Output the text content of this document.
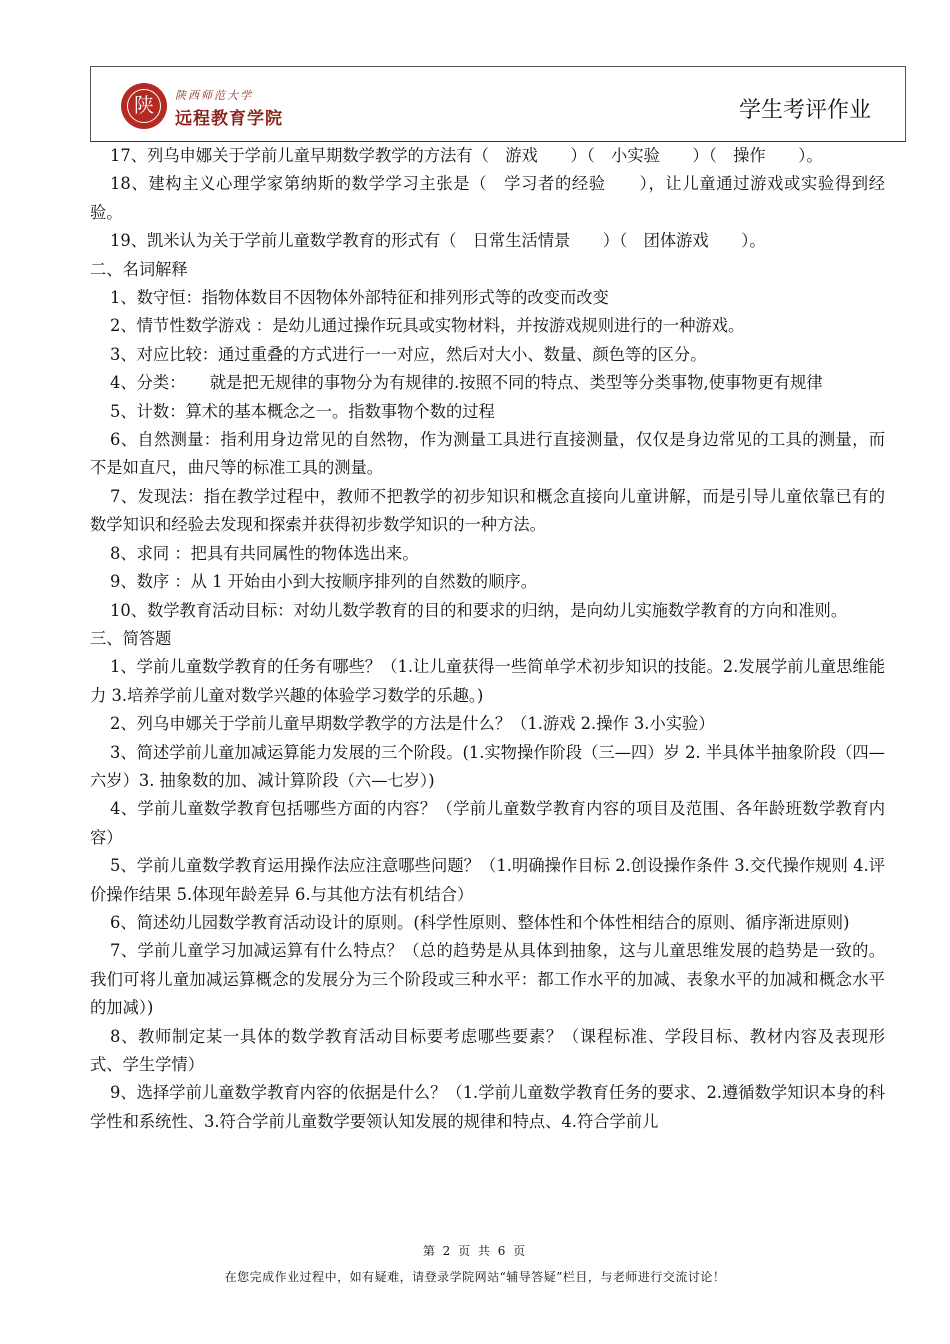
陕	陕西师范大学
远程教育学院	学生考评作业

17、列乌申娜关于学前儿童早期数学教学的方法有（　游戏　　）（　小实验　　）（　操作　　）。

18、建构主义心理学家第纳斯的数学学习主张是（　学习者的经验　　），让儿童通过游戏或实验得到经验。

19、凯米认为关于学前儿童数学教育的形式有（　日常生活情景　　）（　团体游戏　　）。

二、名词解释

1、数守恒：指物体数目不因物体外部特征和排列形式等的改变而改变

2、情节性数学游戏 ：是幼儿通过操作玩具或实物材料，并按游戏规则进行的一种游戏。

3、对应比较：通过重叠的方式进行一一对应，然后对大小、数量、颜色等的区分。

4、分类：　　就是把无规律的事物分为有规律的.按照不同的特点、类型等分类事物,使事物更有规律

5、计数：算术的基本概念之一。指数事物个数的过程

6、自然测量：指利用身边常见的自然物，作为测量工具进行直接测量，仅仅是身边常见的工具的测量，而不是如直尺，曲尺等的标准工具的测量。

7、发现法：指在教学过程中，教师不把教学的初步知识和概念直接向儿童讲解，而是引导儿童依靠已有的数学知识和经验去发现和探索并获得初步数学知识的一种方法。

8、求同 ：把具有共同属性的物体选出来。

9、数序 ：从 1 开始由小到大按顺序排列的自然数的顺序。

10、数学教育活动目标：对幼儿数学教育的目的和要求的归纳，是向幼儿实施数学教育的方向和准则。

三、简答题

1、学前儿童数学教育的任务有哪些？（1.让儿童获得一些简单学术初步知识的技能。2.发展学前儿童思维能力 3.培养学前儿童对数学兴趣的体验学习数学的乐趣。)

2、列乌申娜关于学前儿童早期数学教学的方法是什么？（1.游戏 2.操作 3.小实验）

3、简述学前儿童加减运算能力发展的三个阶段。(1.实物操作阶段（三—四）岁 2. 半具体半抽象阶段（四—六岁）3. 抽象数的加、减计算阶段（六—七岁）)

4、学前儿童数学教育包括哪些方面的内容？（学前儿童数学教育内容的项目及范围、各年龄班数学教育内容）

5、学前儿童数学教育运用操作法应注意哪些问题？（1.明确操作目标 2.创设操作条件 3.交代操作规则 4.评价操作结果 5.体现年龄差异 6.与其他方法有机结合）

6、简述幼儿园数学教育活动设计的原则。(科学性原则、整体性和个体性相结合的原则、循序渐进原则)

7、学前儿童学习加减运算有什么特点？（总的趋势是从具体到抽象，这与儿童思维发展的趋势是一致的。我们可将儿童加减运算概念的发展分为三个阶段或三种水平：都工作水平的加减、表象水平的加减和概念水平的加减）)

8、教师制定某一具体的数学教育活动目标要考虑哪些要素？（课程标准、学段目标、教材内容及表现形式、学生学情）

9、选择学前儿童数学教育内容的依据是什么？（1.学前儿童数学教育任务的要求、2.遵循数学知识本身的科学性和系统性、3.符合学前儿童数学要领认知发展的规律和特点、4.符合学前儿

第 2 页 共 6 页
在您完成作业过程中，如有疑难，请登录学院网站“辅导答疑”栏目，与老师进行交流讨论！
